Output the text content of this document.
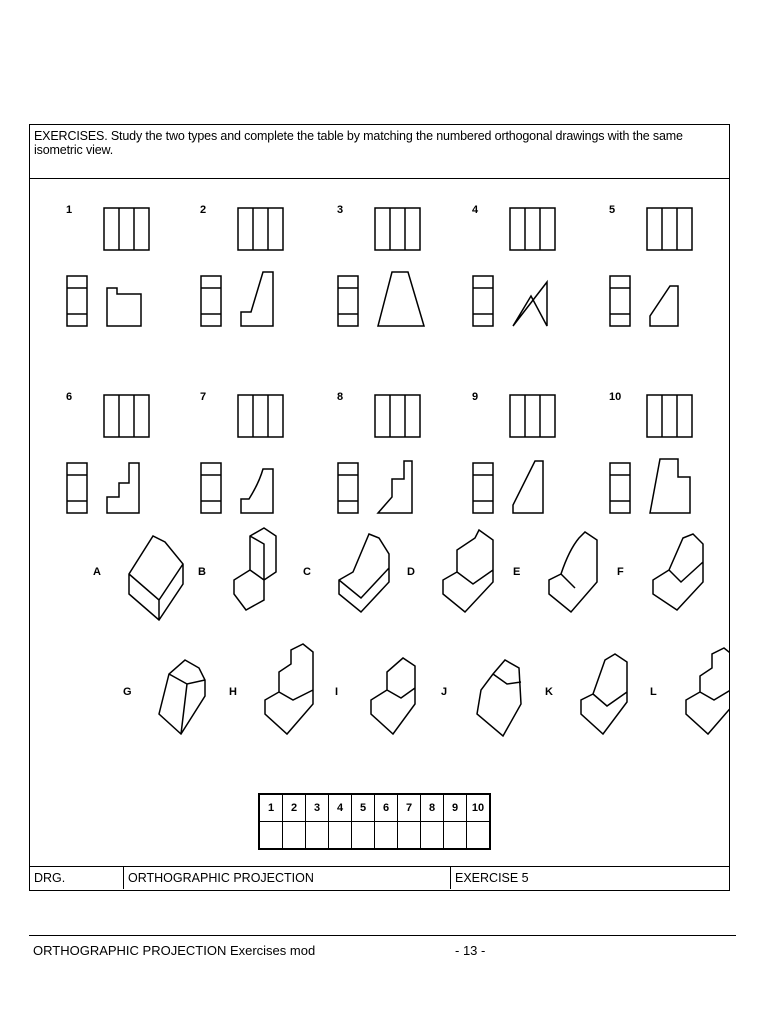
EXERCISES. Study the two types and complete the table by matching the numbered orthogonal drawings with the same isometric view.
DRG.	ORTHOGRAPHIC PROJECTION	EXERCISE 5
1	2	3	4	5
6	7	8	9	10
A	B	C	D	E	F
G	H	I	J	K	L
1	2	3	4	5	6	7	8	9	10

ORTHOGRAPHIC PROJECTION Exercises mod	- 13 -
